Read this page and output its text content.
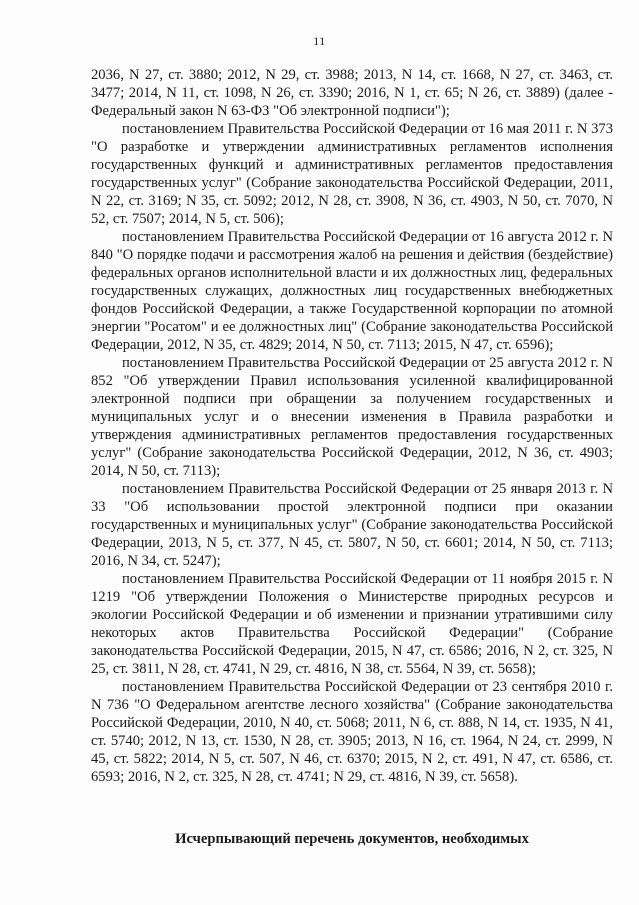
11

2036, N 27, ст. 3880; 2012, N 29, ст. 3988; 2013, N 14, ст. 1668, N 27, ст. 3463, ст. 3477; 2014, N 11, ст. 1098, N 26, ст. 3390; 2016, N 1, ст. 65; N 26, ст. 3889) (далее - Федеральный закон N 63-ФЗ "Об электронной подписи");

постановлением Правительства Российской Федерации от 16 мая 2011 г. N 373 "О разработке и утверждении административных регламентов исполнения государственных функций и административных регламентов предоставления государственных услуг" (Собрание законодательства Российской Федерации, 2011, N 22, ст. 3169; N 35, ст. 5092; 2012, N 28, ст. 3908, N 36, ст. 4903, N 50, ст. 7070, N 52, ст. 7507; 2014, N 5, ст. 506);

постановлением Правительства Российской Федерации от 16 августа 2012 г. N 840 "О порядке подачи и рассмотрения жалоб на решения и действия (бездействие) федеральных органов исполнительной власти и их должностных лиц, федеральных государственных служащих, должностных лиц государственных внебюджетных фондов Российской Федерации, а также Государственной корпорации по атомной энергии "Росатом" и ее должностных лиц" (Собрание законодательства Российской Федерации, 2012, N 35, ст. 4829; 2014, N 50, ст. 7113; 2015, N 47, ст. 6596);

постановлением Правительства Российской Федерации от 25 августа 2012 г. N 852 "Об утверждении Правил использования усиленной квалифицированной электронной подписи при обращении за получением государственных и муниципальных услуг и о внесении изменения в Правила разработки и утверждения административных регламентов предоставления государственных услуг" (Собрание законодательства Российской Федерации, 2012, N 36, ст. 4903; 2014, N 50, ст. 7113);

постановлением Правительства Российской Федерации от 25 января 2013 г. N 33 "Об использовании простой электронной подписи при оказании государственных и муниципальных услуг" (Собрание законодательства Российской Федерации, 2013, N 5, ст. 377, N 45, ст. 5807, N 50, ст. 6601; 2014, N 50, ст. 7113; 2016, N 34, ст. 5247);

постановлением Правительства Российской Федерации от 11 ноября 2015 г. N 1219 "Об утверждении Положения о Министерстве природных ресурсов и экологии Российской Федерации и об изменении и признании утратившими силу некоторых актов Правительства Российской Федерации" (Собрание законодательства Российской Федерации, 2015, N 47, ст. 6586; 2016, N 2, ст. 325, N 25, ст. 3811, N 28, ст. 4741, N 29, ст. 4816, N 38, ст. 5564, N 39, ст. 5658);

постановлением Правительства Российской Федерации от 23 сентября 2010 г. N 736 "О Федеральном агентстве лесного хозяйства" (Собрание законодательства Российской Федерации, 2010, N 40, ст. 5068; 2011, N 6, ст. 888, N 14, ст. 1935, N 41, ст. 5740; 2012, N 13, ст. 1530, N 28, ст. 3905; 2013, N 16, ст. 1964, N 24, ст. 2999, N 45, ст. 5822; 2014, N 5, ст. 507, N 46, ст. 6370; 2015, N 2, ст. 491, N 47, ст. 6586, ст. 6593; 2016, N 2, ст. 325, N 28, ст. 4741; N 29, ст. 4816, N 39, ст. 5658).

Исчерпывающий перечень документов, необходимых
